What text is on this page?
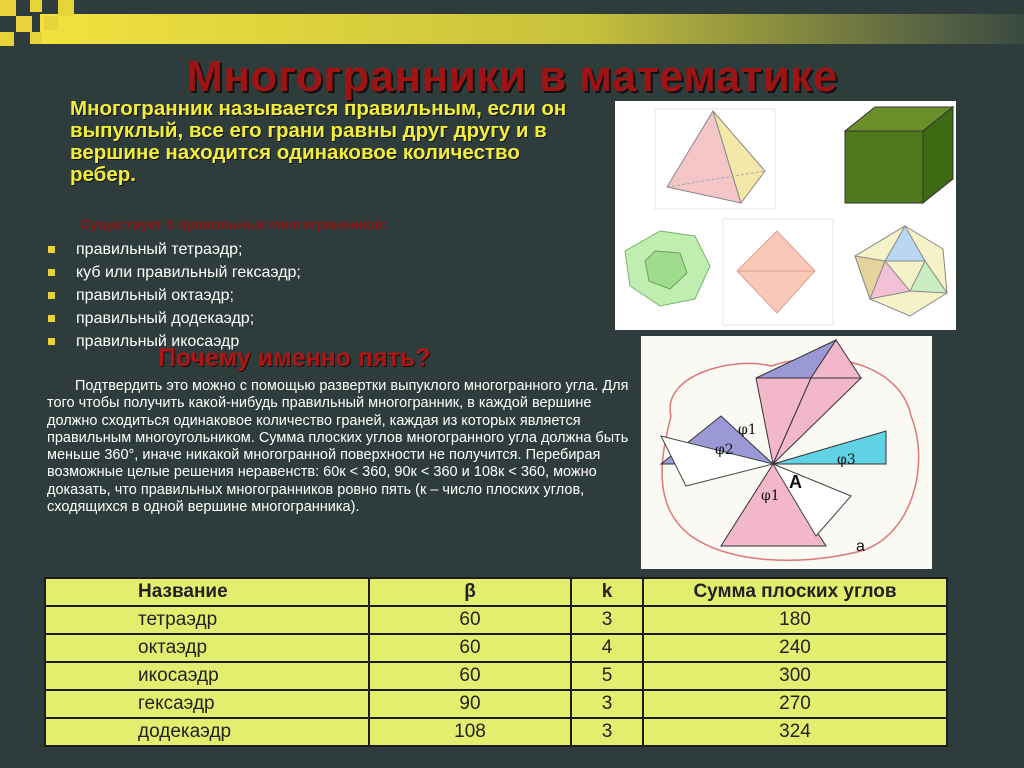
Многогранники в математике
Многогранник называется правильным, если он выпуклый, все его грани равны друг другу и в вершине находится одинаковое количество ребер.
Существует 5 правильных многогранников:
правильный тетраэдр;
куб или правильный гексаэдр;
правильный октаэдр;
правильный додекаэдр;
правильный икосаэдр
Почему именно пять?
Подтвердить это можно с помощью развертки выпуклого многогранного угла. Для того чтобы получить какой-нибудь правильный многогранник, в каждой вершине должно сходиться одинаковое количество граней, каждая из которых является правильным многоугольником. Сумма плоских углов многогранного угла должна быть меньше 360°, иначе никакой многогранной поверхности не получится. Перебирая возможные целые решения неравенств: 60к < 360, 90к < 360 и 108к < 360, можно доказать, что правильных многогранников ровно пять (к – число плоских углов, сходящихся в одной вершине многогранника).
φ1
φ2
φ3
φ1
A
a
Название	β	k	Сумма плоских углов
тетраэдр	60	3	180
октаэдр	60	4	240
икосаэдр	60	5	300
гексаэдр	90	3	270
додекаэдр	108	3	324
